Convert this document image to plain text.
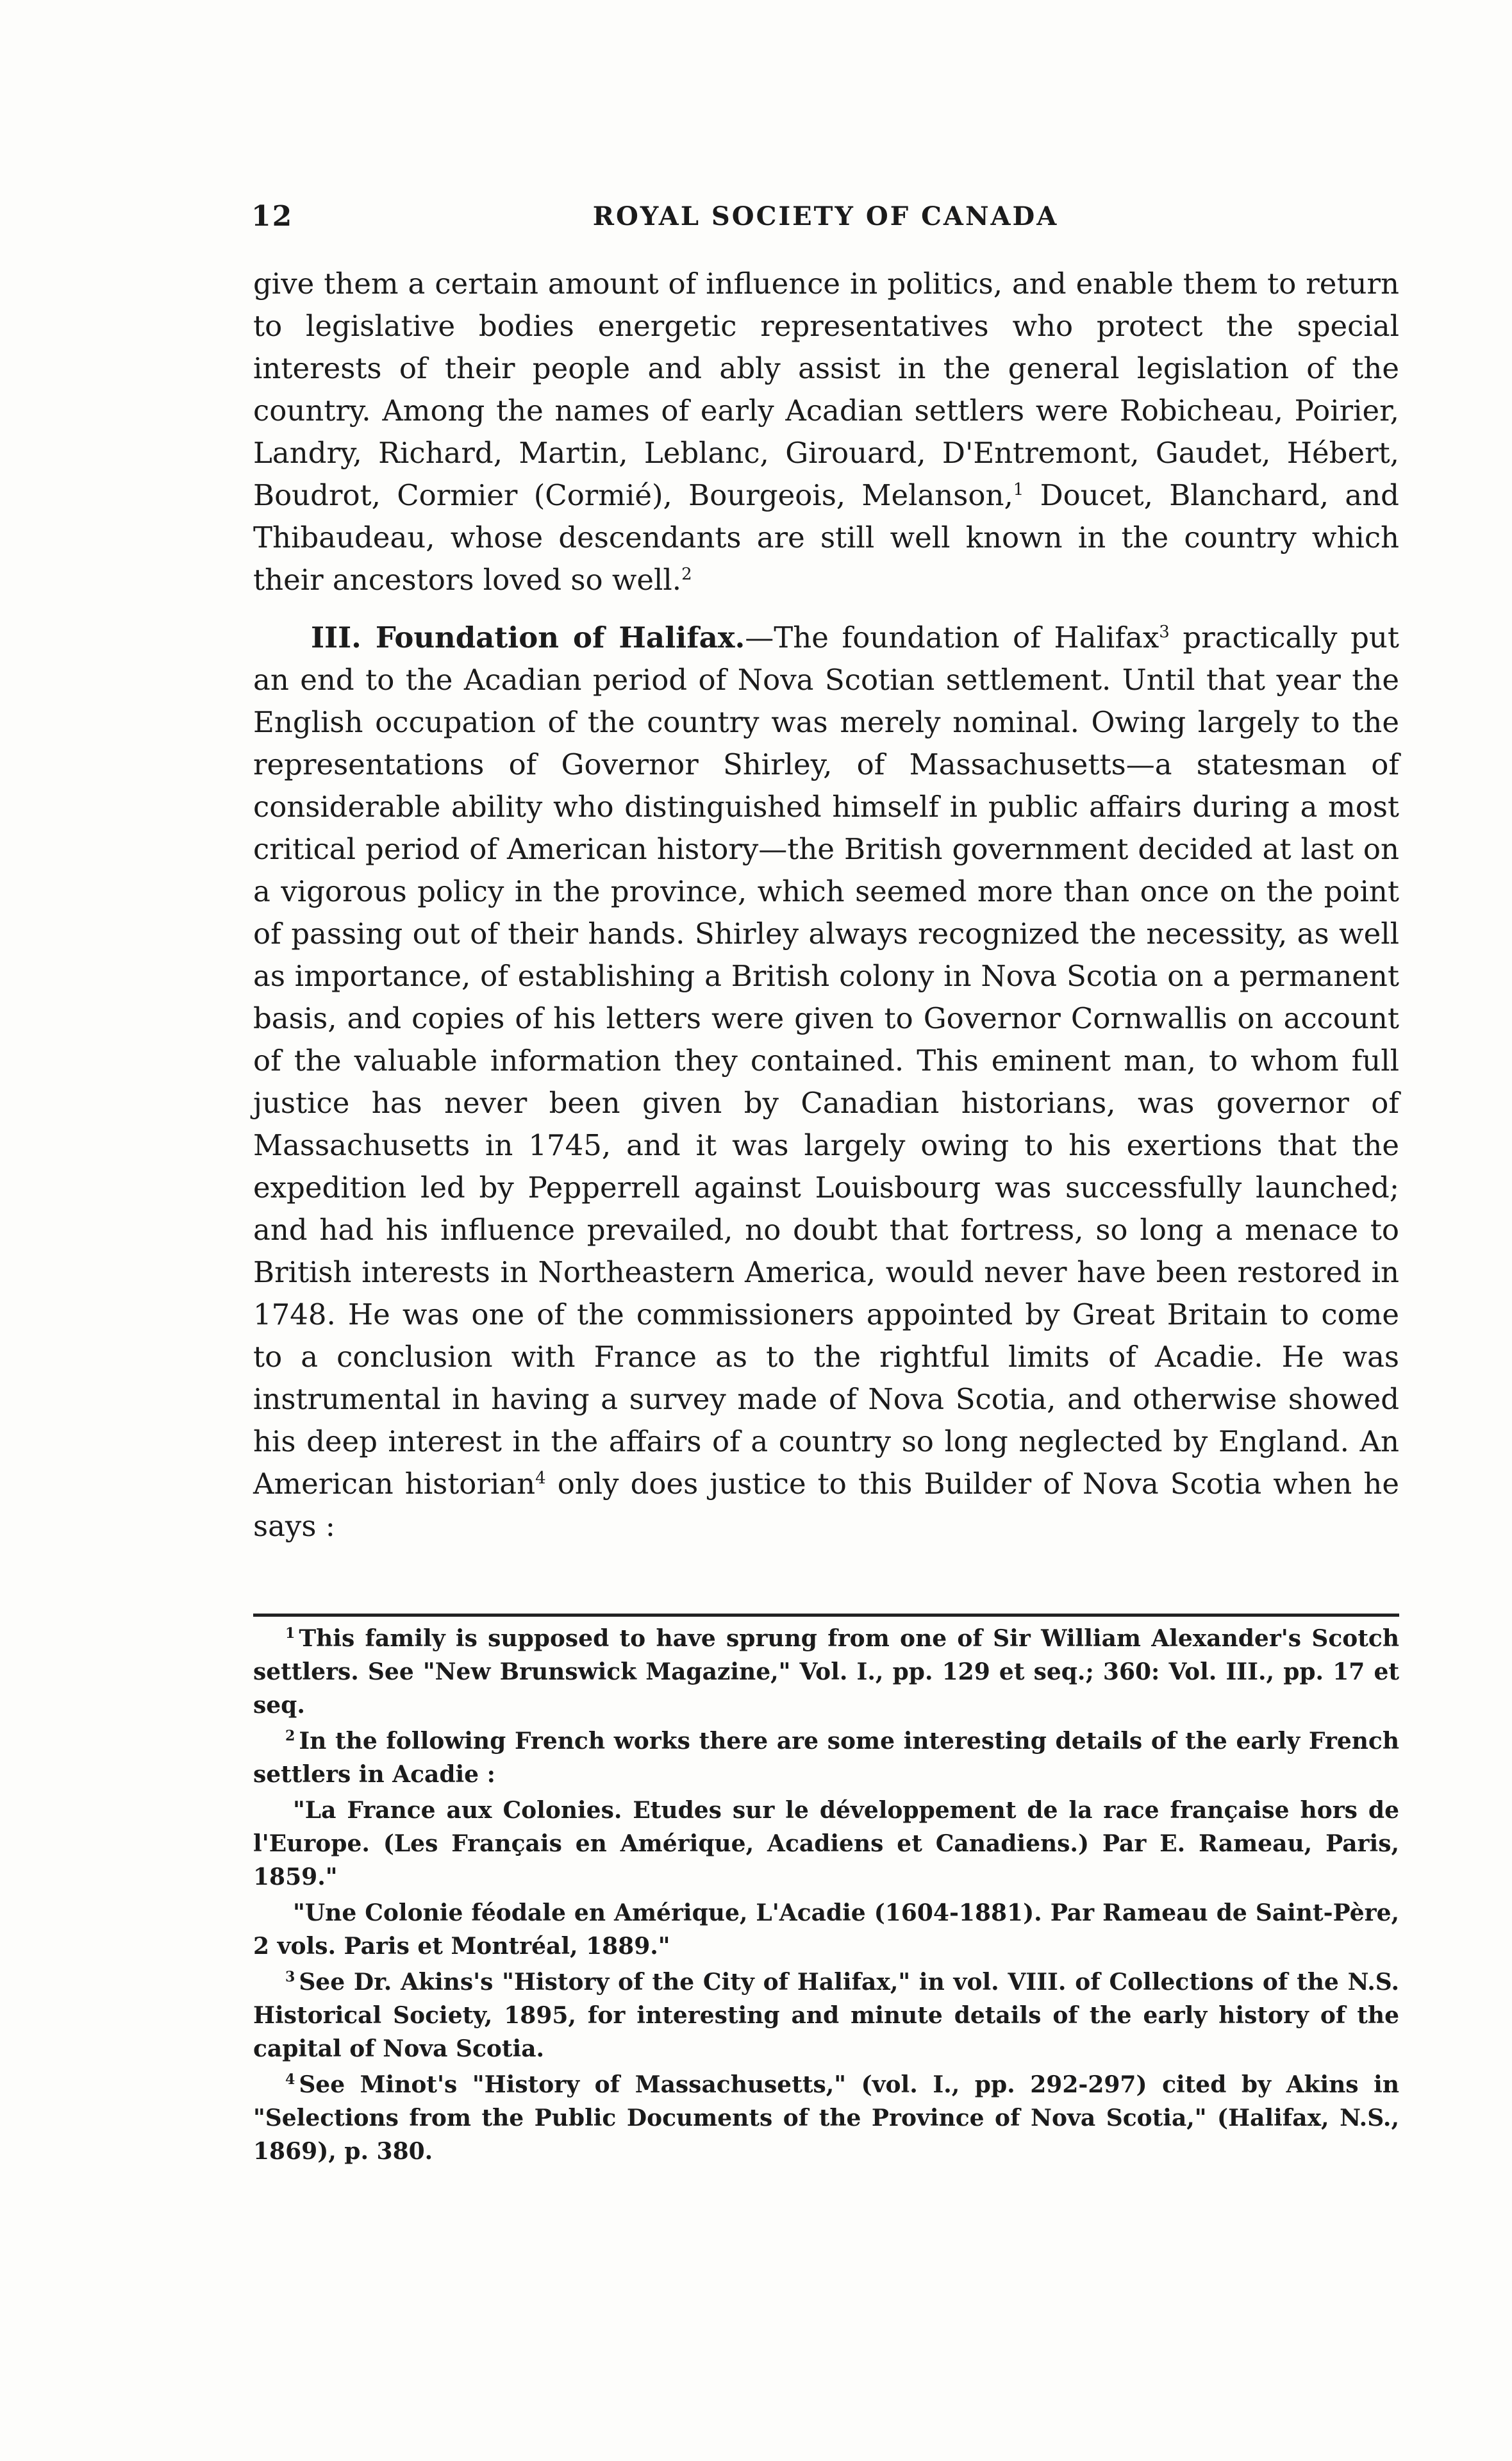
12	ROYAL SOCIETY OF CANADA

give them a certain amount of influence in politics, and enable them to return to legislative bodies energetic representatives who protect the special interests of their people and ably assist in the general legislation of the country. Among the names of early Acadian settlers were Robicheau, Poirier, Landry, Richard, Martin, Leblanc, Girouard, D'Entremont, Gaudet, Hébert, Boudrot, Cormier (Cormié), Bourgeois, Melanson,$^1$ Doucet, Blanchard, and Thibaudeau, whose descendants are still well known in the country which their ancestors loved so well.$^2$

III. Foundation of Halifax.—The foundation of Halifax$^3$ practically put an end to the Acadian period of Nova Scotian settlement. Until that year the English occupation of the country was merely nominal. Owing largely to the representations of Governor Shirley, of Massachusetts—a statesman of considerable ability who distinguished himself in public affairs during a most critical period of American history—the British government decided at last on a vigorous policy in the province, which seemed more than once on the point of passing out of their hands. Shirley always recognized the necessity, as well as importance, of establishing a British colony in Nova Scotia on a permanent basis, and copies of his letters were given to Governor Cornwallis on account of the valuable information they contained. This eminent man, to whom full justice has never been given by Canadian historians, was governor of Massachusetts in 1745, and it was largely owing to his exertions that the expedition led by Pepperrell against Louisbourg was successfully launched; and had his influence prevailed, no doubt that fortress, so long a menace to British interests in Northeastern America, would never have been restored in 1748. He was one of the commissioners appointed by Great Britain to come to a conclusion with France as to the rightful limits of Acadie. He was instrumental in having a survey made of Nova Scotia, and otherwise showed his deep interest in the affairs of a country so long neglected by England. An American historian$^4$ only does justice to this Builder of Nova Scotia when he says :

$^1$ This family is supposed to have sprung from one of Sir William Alexander's Scotch settlers. See "New Brunswick Magazine," Vol. I., pp. 129 et seq.; 360: Vol. III., pp. 17 et seq.

$^2$ In the following French works there are some interesting details of the early French settlers in Acadie :

"La France aux Colonies. Etudes sur le développement de la race française hors de l'Europe. (Les Français en Amérique, Acadiens et Canadiens.) Par E. Rameau, Paris, 1859."

"Une Colonie féodale en Amérique, L'Acadie (1604-1881). Par Rameau de Saint-Père, 2 vols. Paris et Montréal, 1889."

$^3$ See Dr. Akins's "History of the City of Halifax," in vol. VIII. of Collections of the N.S. Historical Society, 1895, for interesting and minute details of the early history of the capital of Nova Scotia.

$^4$ See Minot's "History of Massachusetts," (vol. I., pp. 292-297) cited by Akins in "Selections from the Public Documents of the Province of Nova Scotia," (Halifax, N.S., 1869), p. 380.
